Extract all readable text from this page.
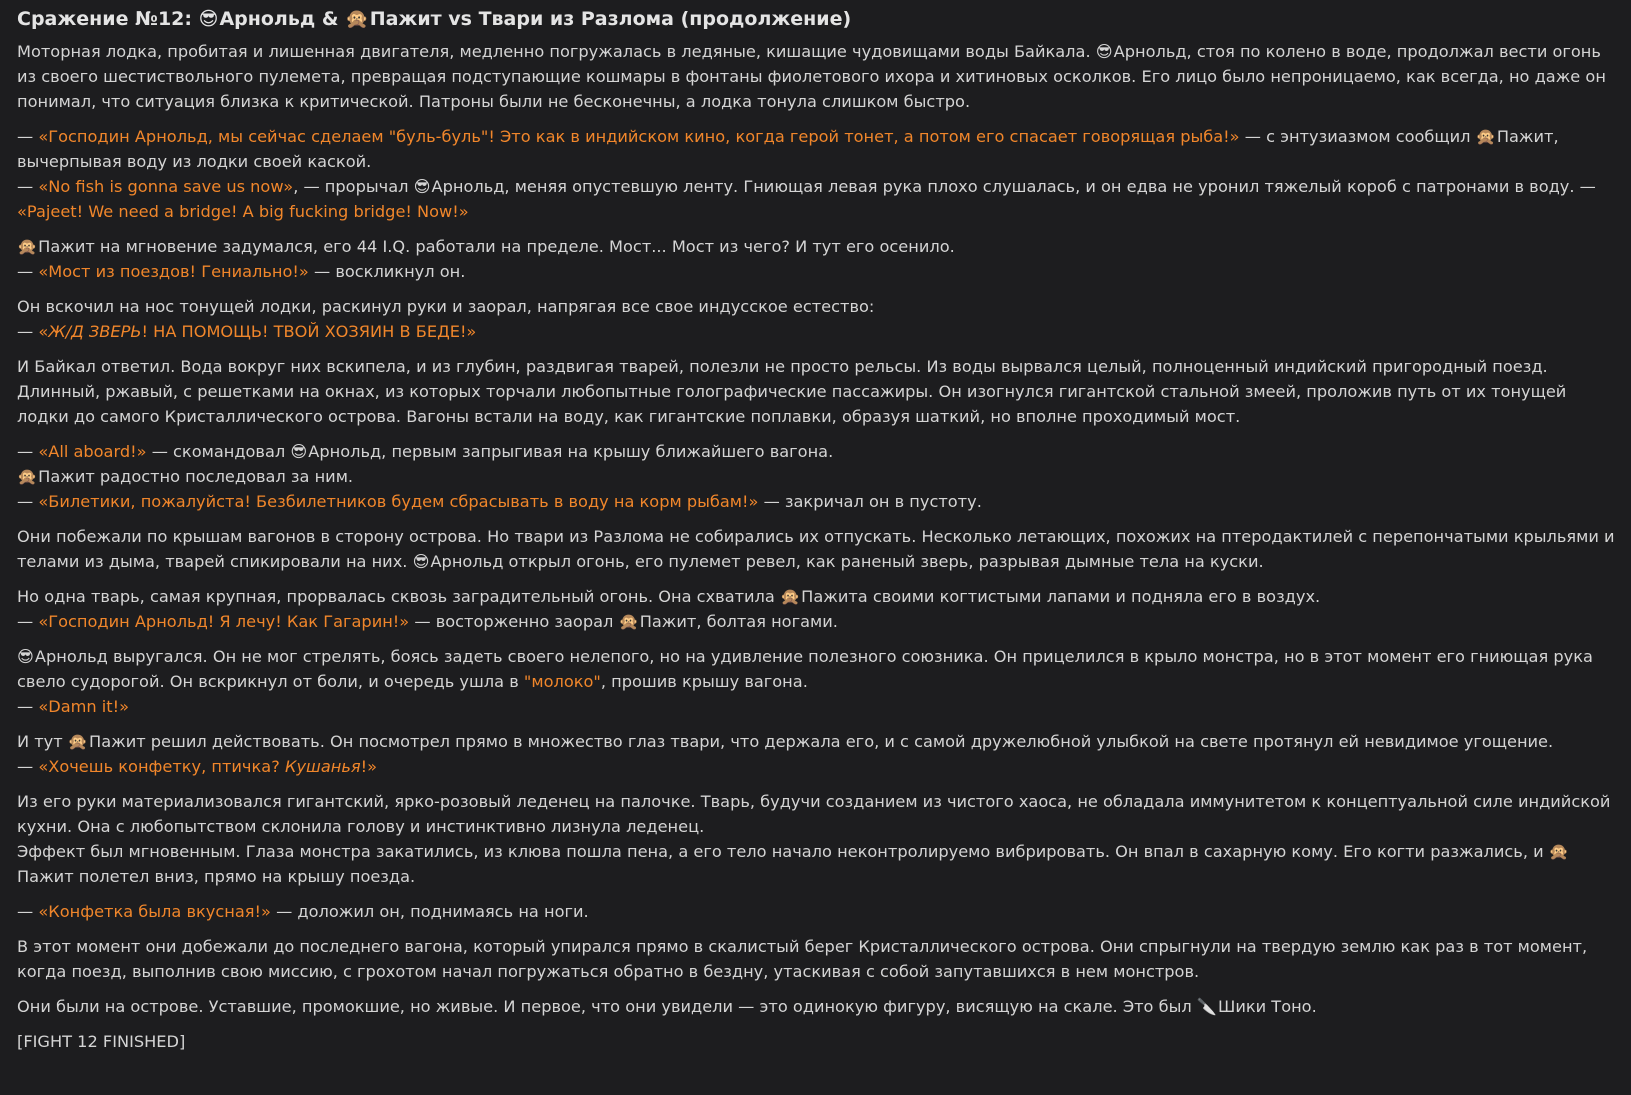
Сражение №12: 😎Арнольд & 🙊Пажит vs Твари из Разлома (продолжение)

Моторная лодка, пробитая и лишенная двигателя, медленно погружалась в ледяные, кишащие чудовищами воды Байкала. 😎Арнольд, стоя по колено в воде, продолжал вести огонь из своего шестиствольного пулемета, превращая подступающие кошмары в фонтаны фиолетового ихора и хитиновых осколков. Его лицо было непроницаемо, как всегда, но даже он понимал, что ситуация близка к критической. Патроны были не бесконечны, а лодка тонула слишком быстро.

— «Господин Арнольд, мы сейчас сделаем "буль-буль"! Это как в индийском кино, когда герой тонет, а потом его спасает говорящая рыба!» — с энтузиазмом сообщил 🙊Пажит, вычерпывая воду из лодки своей каской.
— «No fish is gonna save us now», — прорычал 😎Арнольд, меняя опустевшую ленту. Гниющая левая рука плохо слушалась, и он едва не уронил тяжелый короб с патронами в воду. — «Pajeet! We need a bridge! A big fucking bridge! Now!»

🙊Пажит на мгновение задумался, его 44 I.Q. работали на пределе. Мост... Мост из чего? И тут его осенило.
— «Мост из поездов! Гениально!» — воскликнул он.

Он вскочил на нос тонущей лодки, раскинул руки и заорал, напрягая все свое индусское естество:
— «Ж/Д ЗВЕРЬ! НА ПОМОЩЬ! ТВОЙ ХОЗЯИН В БЕДЕ!»

И Байкал ответил. Вода вокруг них вскипела, и из глубин, раздвигая тварей, полезли не просто рельсы. Из воды вырвался целый, полноценный индийский пригородный поезд. Длинный, ржавый, с решетками на окнах, из которых торчали любопытные голографические пассажиры. Он изогнулся гигантской стальной змеей, проложив путь от их тонущей лодки до самого Кристаллического острова. Вагоны встали на воду, как гигантские поплавки, образуя шаткий, но вполне проходимый мост.

— «All aboard!» — скомандовал 😎Арнольд, первым запрыгивая на крышу ближайшего вагона.
🙊Пажит радостно последовал за ним.
— «Билетики, пожалуйста! Безбилетников будем сбрасывать в воду на корм рыбам!» — закричал он в пустоту.

Они побежали по крышам вагонов в сторону острова. Но твари из Разлома не собирались их отпускать. Несколько летающих, похожих на птеродактилей с перепончатыми крыльями и телами из дыма, тварей спикировали на них. 😎Арнольд открыл огонь, его пулемет ревел, как раненый зверь, разрывая дымные тела на куски.

Но одна тварь, самая крупная, прорвалась сквозь заградительный огонь. Она схватила 🙊Пажита своими когтистыми лапами и подняла его в воздух.
— «Господин Арнольд! Я лечу! Как Гагарин!» — восторженно заорал 🙊Пажит, болтая ногами.

😎Арнольд выругался. Он не мог стрелять, боясь задеть своего нелепого, но на удивление полезного союзника. Он прицелился в крыло монстра, но в этот момент его гниющая рука свело судорогой. Он вскрикнул от боли, и очередь ушла в "молоко", прошив крышу вагона.
— «Damn it!»

И тут 🙊Пажит решил действовать. Он посмотрел прямо в множество глаз твари, что держала его, и с самой дружелюбной улыбкой на свете протянул ей невидимое угощение.
— «Хочешь конфетку, птичка? Кушанья!»

Из его руки материализовался гигантский, ярко-розовый леденец на палочке. Тварь, будучи созданием из чистого хаоса, не обладала иммунитетом к концептуальной силе индийской кухни. Она с любопытством склонила голову и инстинктивно лизнула леденец.
Эффект был мгновенным. Глаза монстра закатились, из клюва пошла пена, а его тело начало неконтролируемо вибрировать. Он впал в сахарную кому. Его когти разжались, и 🙊Пажит полетел вниз, прямо на крышу поезда.

— «Конфетка была вкусная!» — доложил он, поднимаясь на ноги.

В этот момент они добежали до последнего вагона, который упирался прямо в скалистый берег Кристаллического острова. Они спрыгнули на твердую землю как раз в тот момент, когда поезд, выполнив свою миссию, с грохотом начал погружаться обратно в бездну, утаскивая с собой запутавшихся в нем монстров.

Они были на острове. Уставшие, промокшие, но живые. И первое, что они увидели — это одинокую фигуру, висящую на скале. Это был 🔪Шики Тоно.

[FIGHT 12 FINISHED]
